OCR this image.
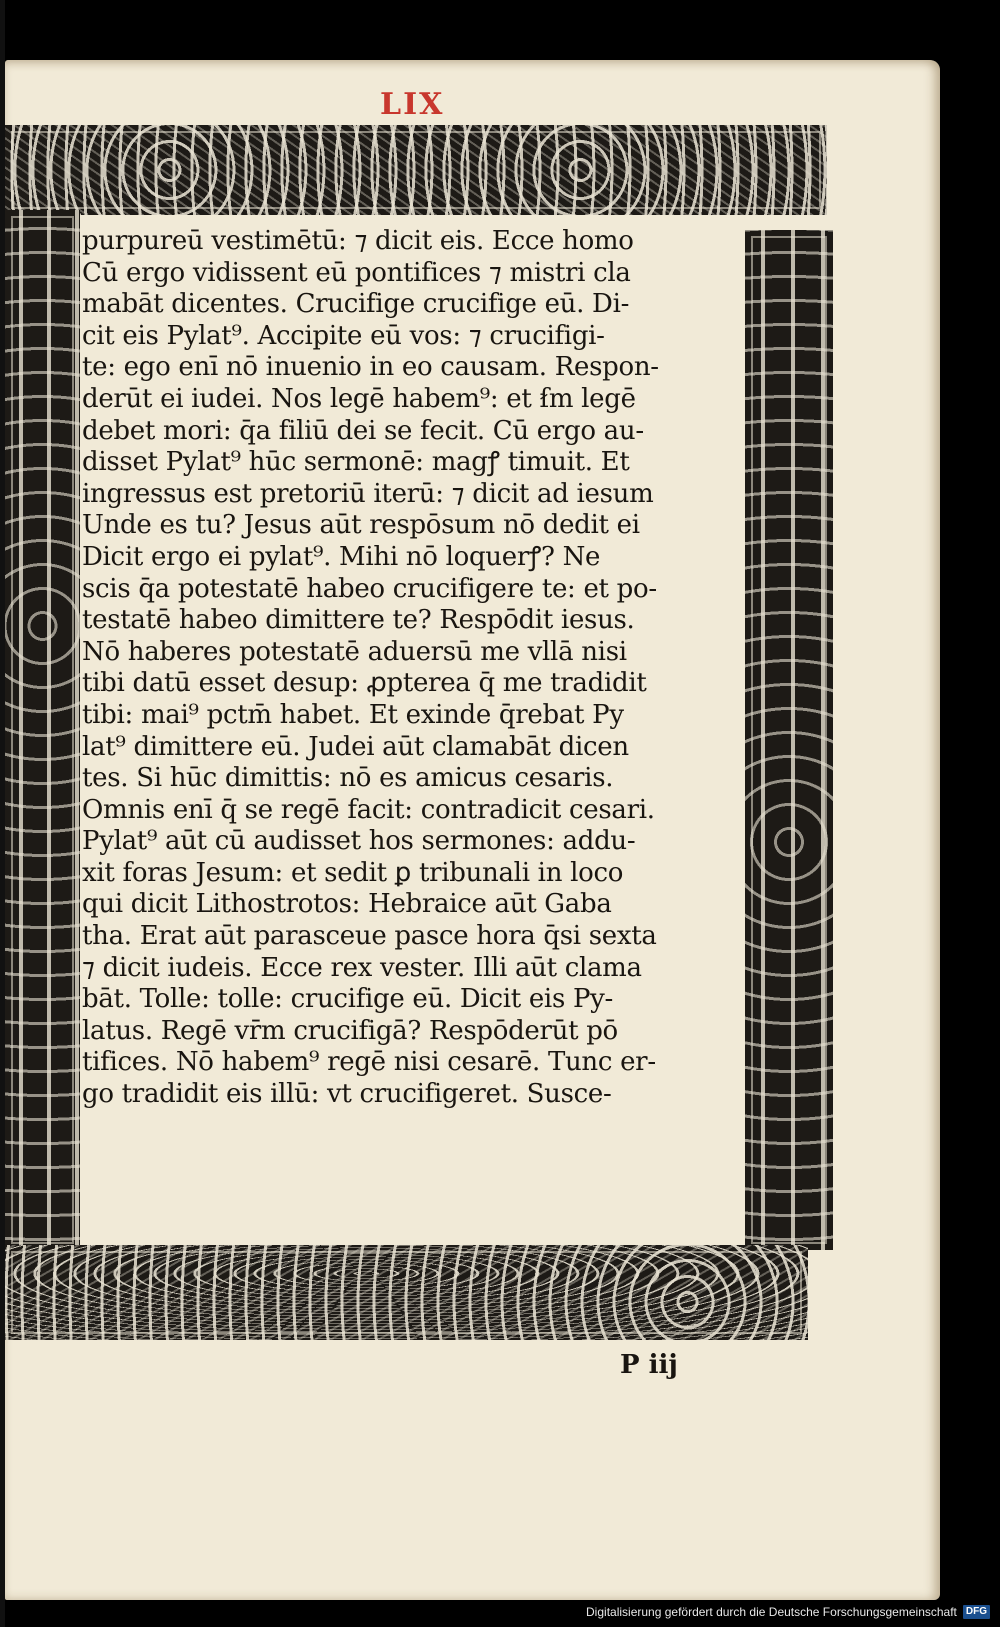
LIX

purpureū vestimētū: ⁊ dicit eis. Ecce homo
Cū ergo vidissent eū pontifices ⁊ mistri cla
mabāt dicentes. Crucifige crucifige eū. Di-
cit eis Pylat⁹. Accipite eū vos: ⁊ crucifigi-
te: ego enī nō inuenio in eo causam. Respon-
derūt ei iudei. Nos legē habem⁹: et ẜm legē
debet mori: q̄a filiū dei se fecit. Cū ergo au-
disset Pylat⁹ hūc sermonē: magꝭ timuit. Et
ingressus est pretoriū iterū: ⁊ dicit ad iesum
Unde es tu? Jesus aūt respōsum nō dedit ei
Dicit ergo ei pylat⁹. Mihi nō loquerꝭ? Ne
scis q̄a potestatē habeo crucifigere te: et po-
testatē habeo dimittere te? Respōdit iesus.
Nō haberes potestatē aduersū me vllā nisi
tibi datū esset desup: ꝓpterea q̄ me tradidit
tibi: mai⁹ pctm̄ habet. Et exinde q̄rebat Py
lat⁹ dimittere eū. Judei aūt clamabāt dicen
tes. Si hūc dimittis: nō es amicus cesaris.
Omnis enī q̄ se regē facit: contradicit cesari.
Pylat⁹ aūt cū audisset hos sermones: addu-
xit foras Jesum: et sedit ꝑ tribunali in loco
qui dicit Lithostrotos: Hebraice aūt Gaba
tha. Erat aūt parasceue pasce hora q̄si sexta
⁊ dicit iudeis. Ecce rex vester. Illi aūt clama
bāt. Tolle: tolle: crucifige eū. Dicit eis Py-
latus. Regē vr̄m crucifigā? Respōderūt pō
tifices. Nō habem⁹ regē nisi cesarē. Tunc er-
go tradidit eis illū: vt crucifigeret. Susce-

P iij

Digitalisierung gefördert durch die Deutsche Forschungsgemeinschaft DFG
